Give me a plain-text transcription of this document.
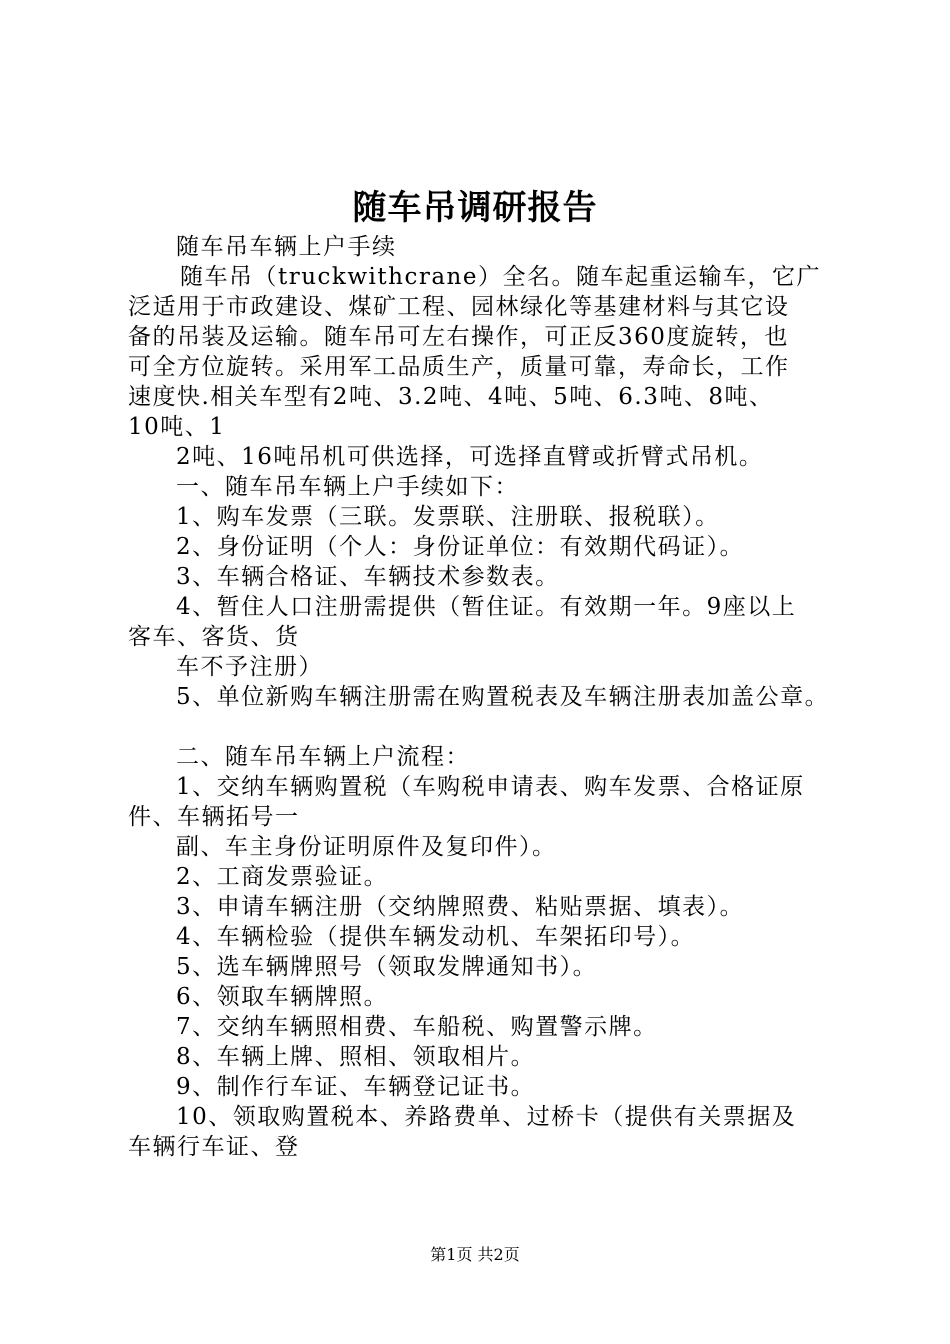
随车吊调研报告

随车吊车辆上户手续

随车吊（truckwithcrane）全名。随车起重运输车，它广

泛适用于市政建设、煤矿工程、园林绿化等基建材料与其它设

备的吊装及运输。随车吊可左右操作，可正反360度旋转，也

可全方位旋转。采用军工品质生产，质量可靠，寿命长，工作

速度快.相关车型有2吨、3.2吨、4吨、5吨、6.3吨、8吨、

10吨、1

2吨、16吨吊机可供选择，可选择直臂或折臂式吊机。

一、随车吊车辆上户手续如下：

1、购车发票（三联。发票联、注册联、报税联）。

2、身份证明（个人：身份证单位：有效期代码证）。

3、车辆合格证、车辆技术参数表。

4、暂住人口注册需提供（暂住证。有效期一年。9座以上

客车、客货、货

车不予注册）

5、单位新购车辆注册需在购置税表及车辆注册表加盖公章。

二、随车吊车辆上户流程：

1、交纳车辆购置税（车购税申请表、购车发票、合格证原

件、车辆拓号一

副、车主身份证明原件及复印件）。

2、工商发票验证。

3、申请车辆注册（交纳牌照费、粘贴票据、填表）。

4、车辆检验（提供车辆发动机、车架拓印号）。

5、选车辆牌照号（领取发牌通知书）。

6、领取车辆牌照。

7、交纳车辆照相费、车船税、购置警示牌。

8、车辆上牌、照相、领取相片。

9、制作行车证、车辆登记证书。

10、领取购置税本、养路费单、过桥卡（提供有关票据及

车辆行车证、登

第1页 共2页
